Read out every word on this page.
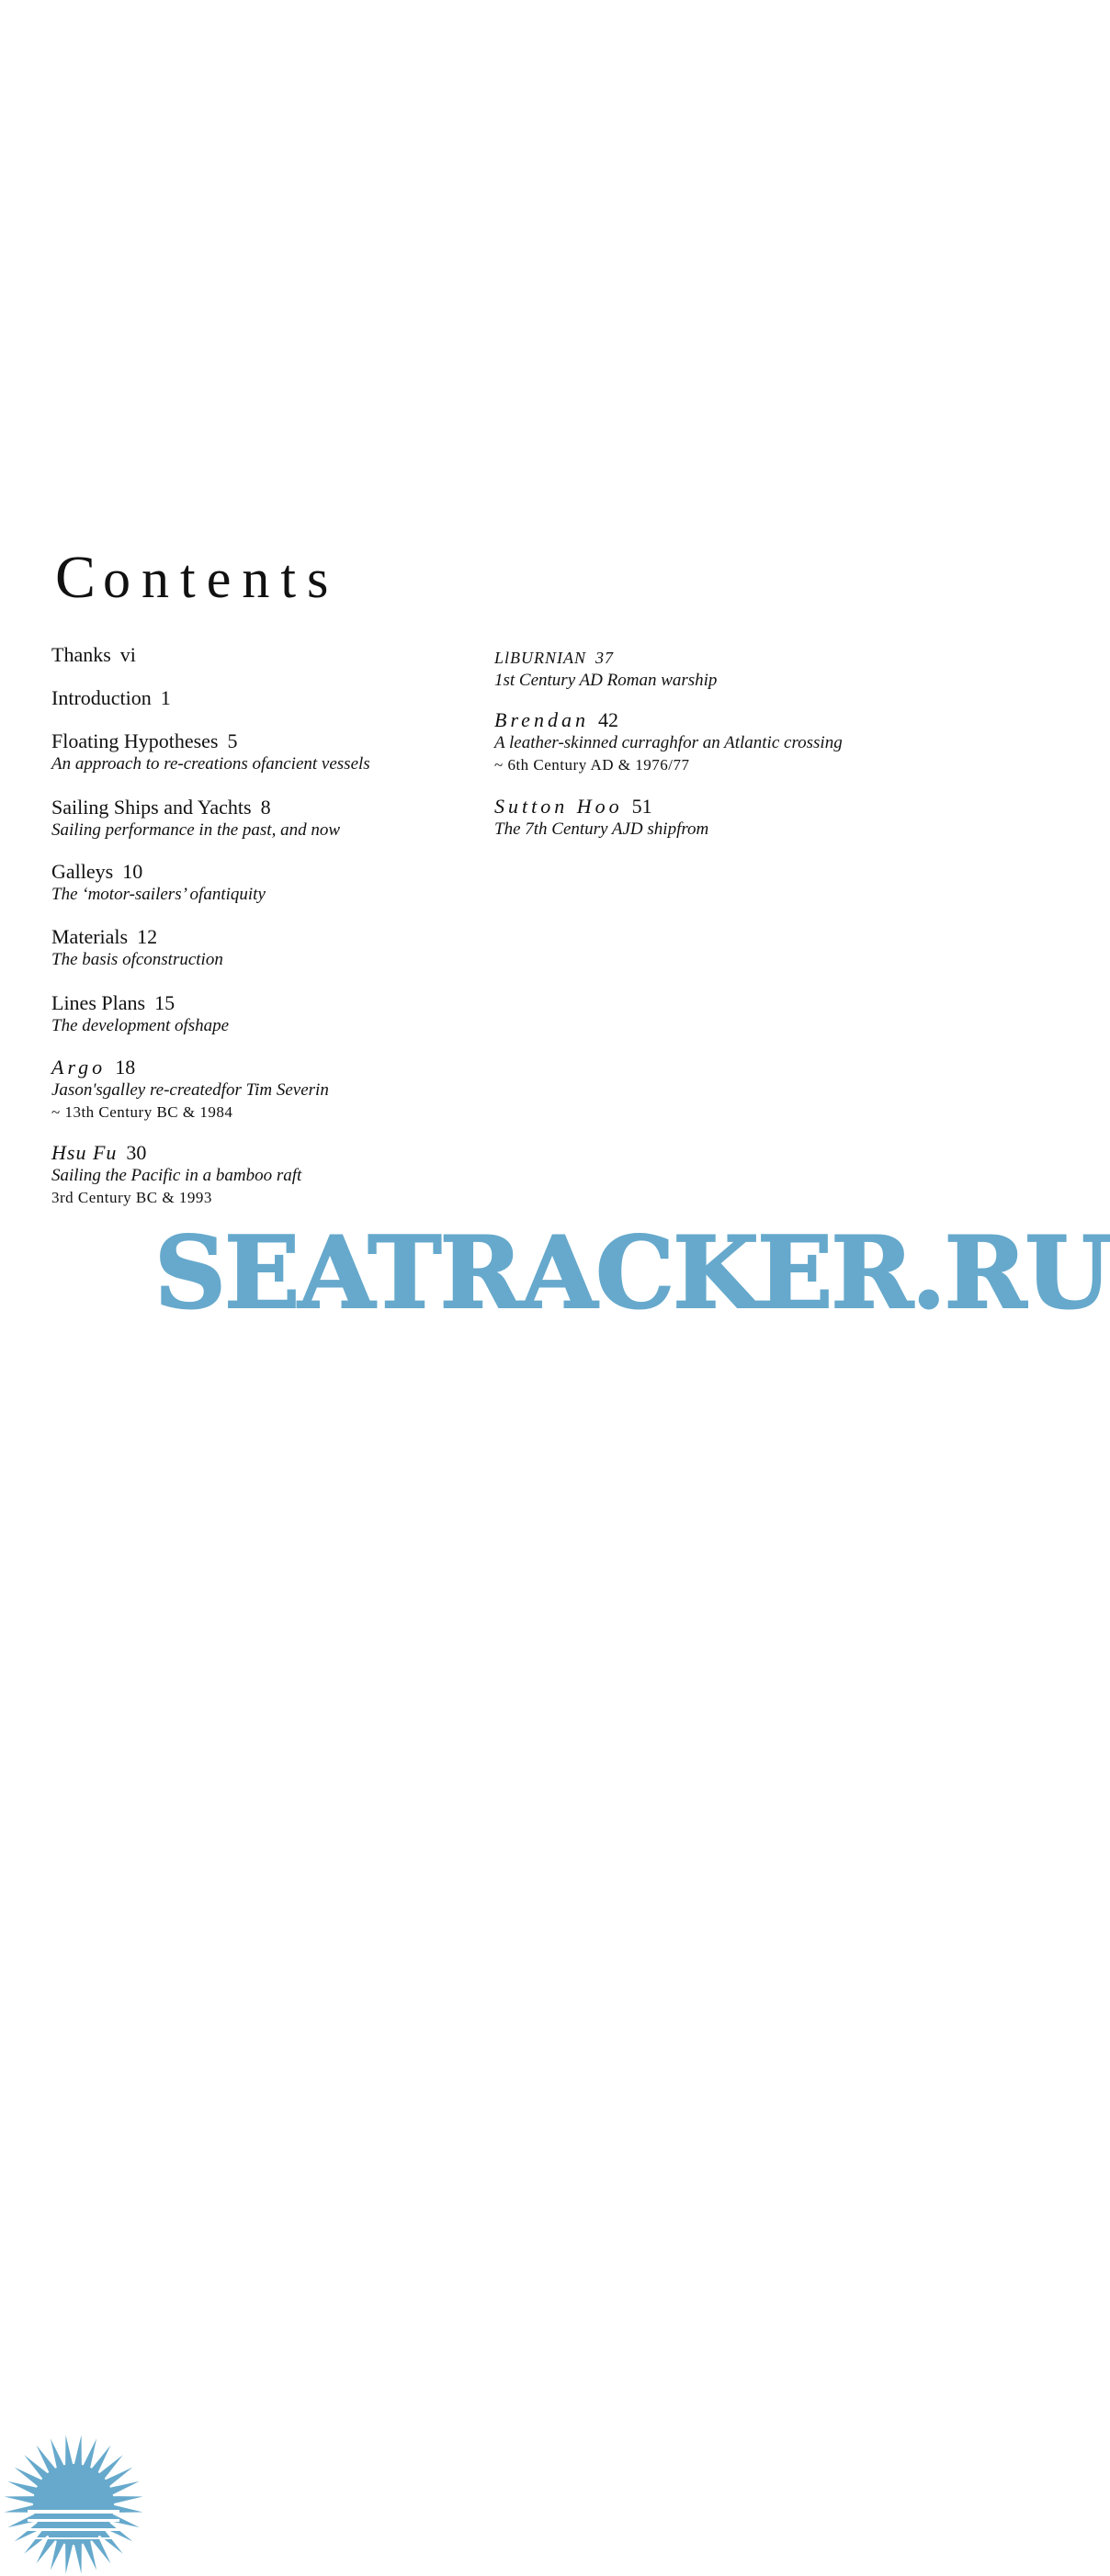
Contents
Thanks vi
Introduction 1
Floating Hypotheses 5
An approach to re-creations ofancient vessels
Sailing Ships and Yachts 8
Sailing performance in the past, and now
Galleys 10
The ‘motor-sailers’ ofantiquity
Materials 12
The basis ofconstruction
Lines Plans 15
The development ofshape
Argo 18
Jason'sgalley re-createdfor Tim Severin
~ 13th Century BC & 1984
Hsu Fu 30
Sailing the Pacific in a bamboo raft
3rd Century BC & 1993
LlBURNIAN 37
1st Century AD Roman warship
Brendan 42
A leather-skinned curraghfor an Atlantic crossing
~ 6th Century AD & 1976/77
Sutton Hoo 51
The 7th Century AJD shipfrom
SEATRACKER.RU
